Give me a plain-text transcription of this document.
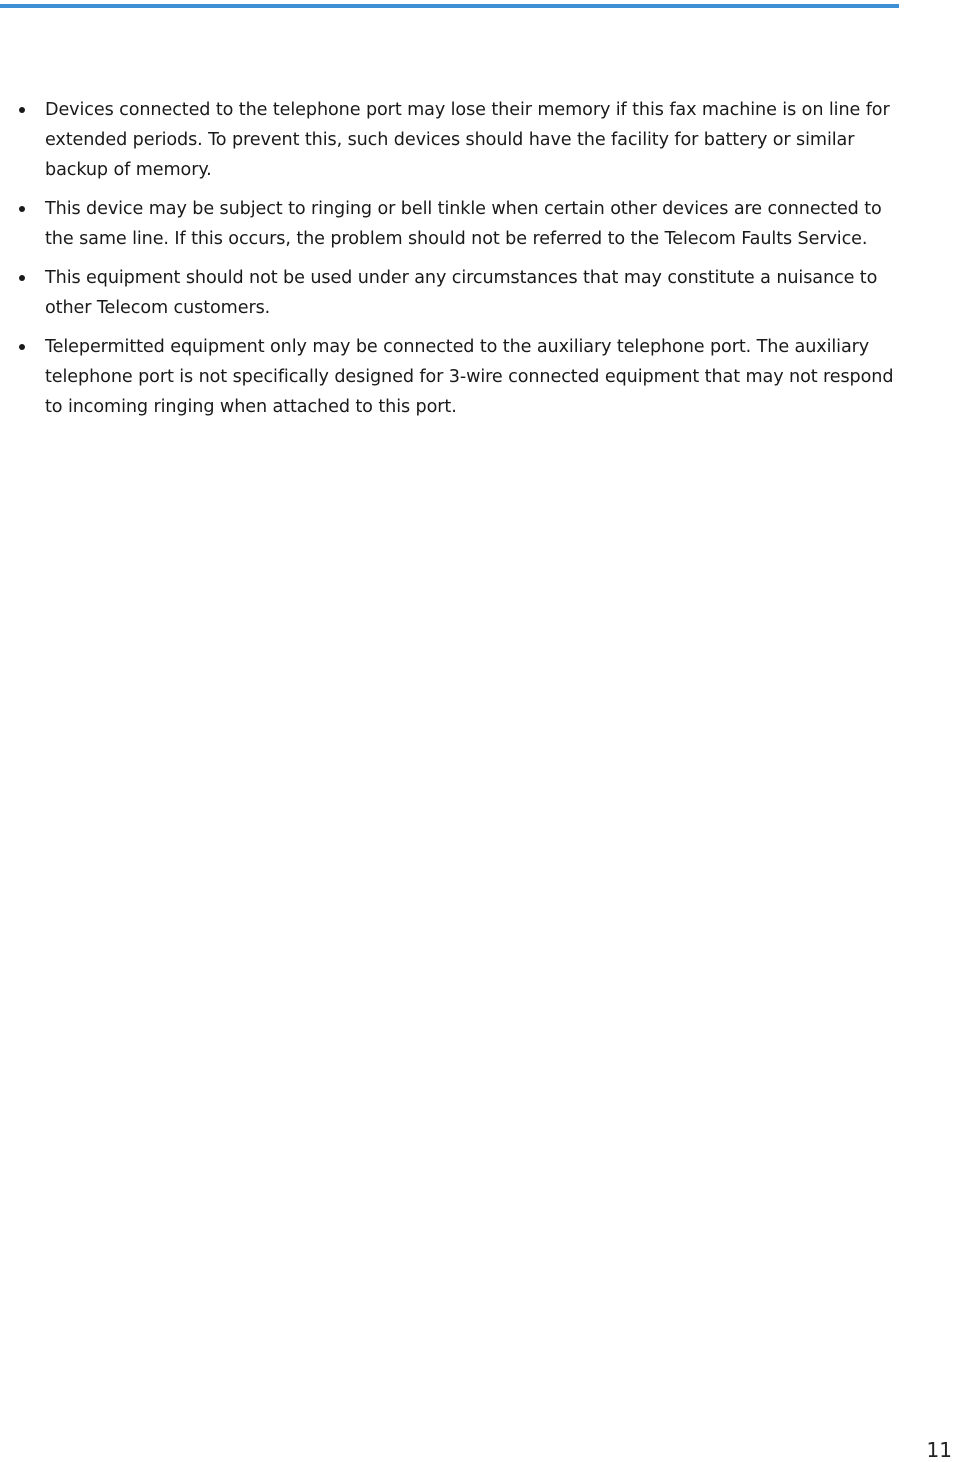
Devices connected to the telephone port may lose their memory if this fax machine is on line for extended periods. To prevent this, such devices should have the facility for battery or similar backup of memory.
This device may be subject to ringing or bell tinkle when certain other devices are connected to the same line. If this occurs, the problem should not be referred to the Telecom Faults Service.
This equipment should not be used under any circumstances that may constitute a nuisance to other Telecom customers.
Telepermitted equipment only may be connected to the auxiliary telephone port. The auxiliary telephone port is not specifically designed for 3-wire connected equipment that may not respond to incoming ringing when attached to this port.
11
